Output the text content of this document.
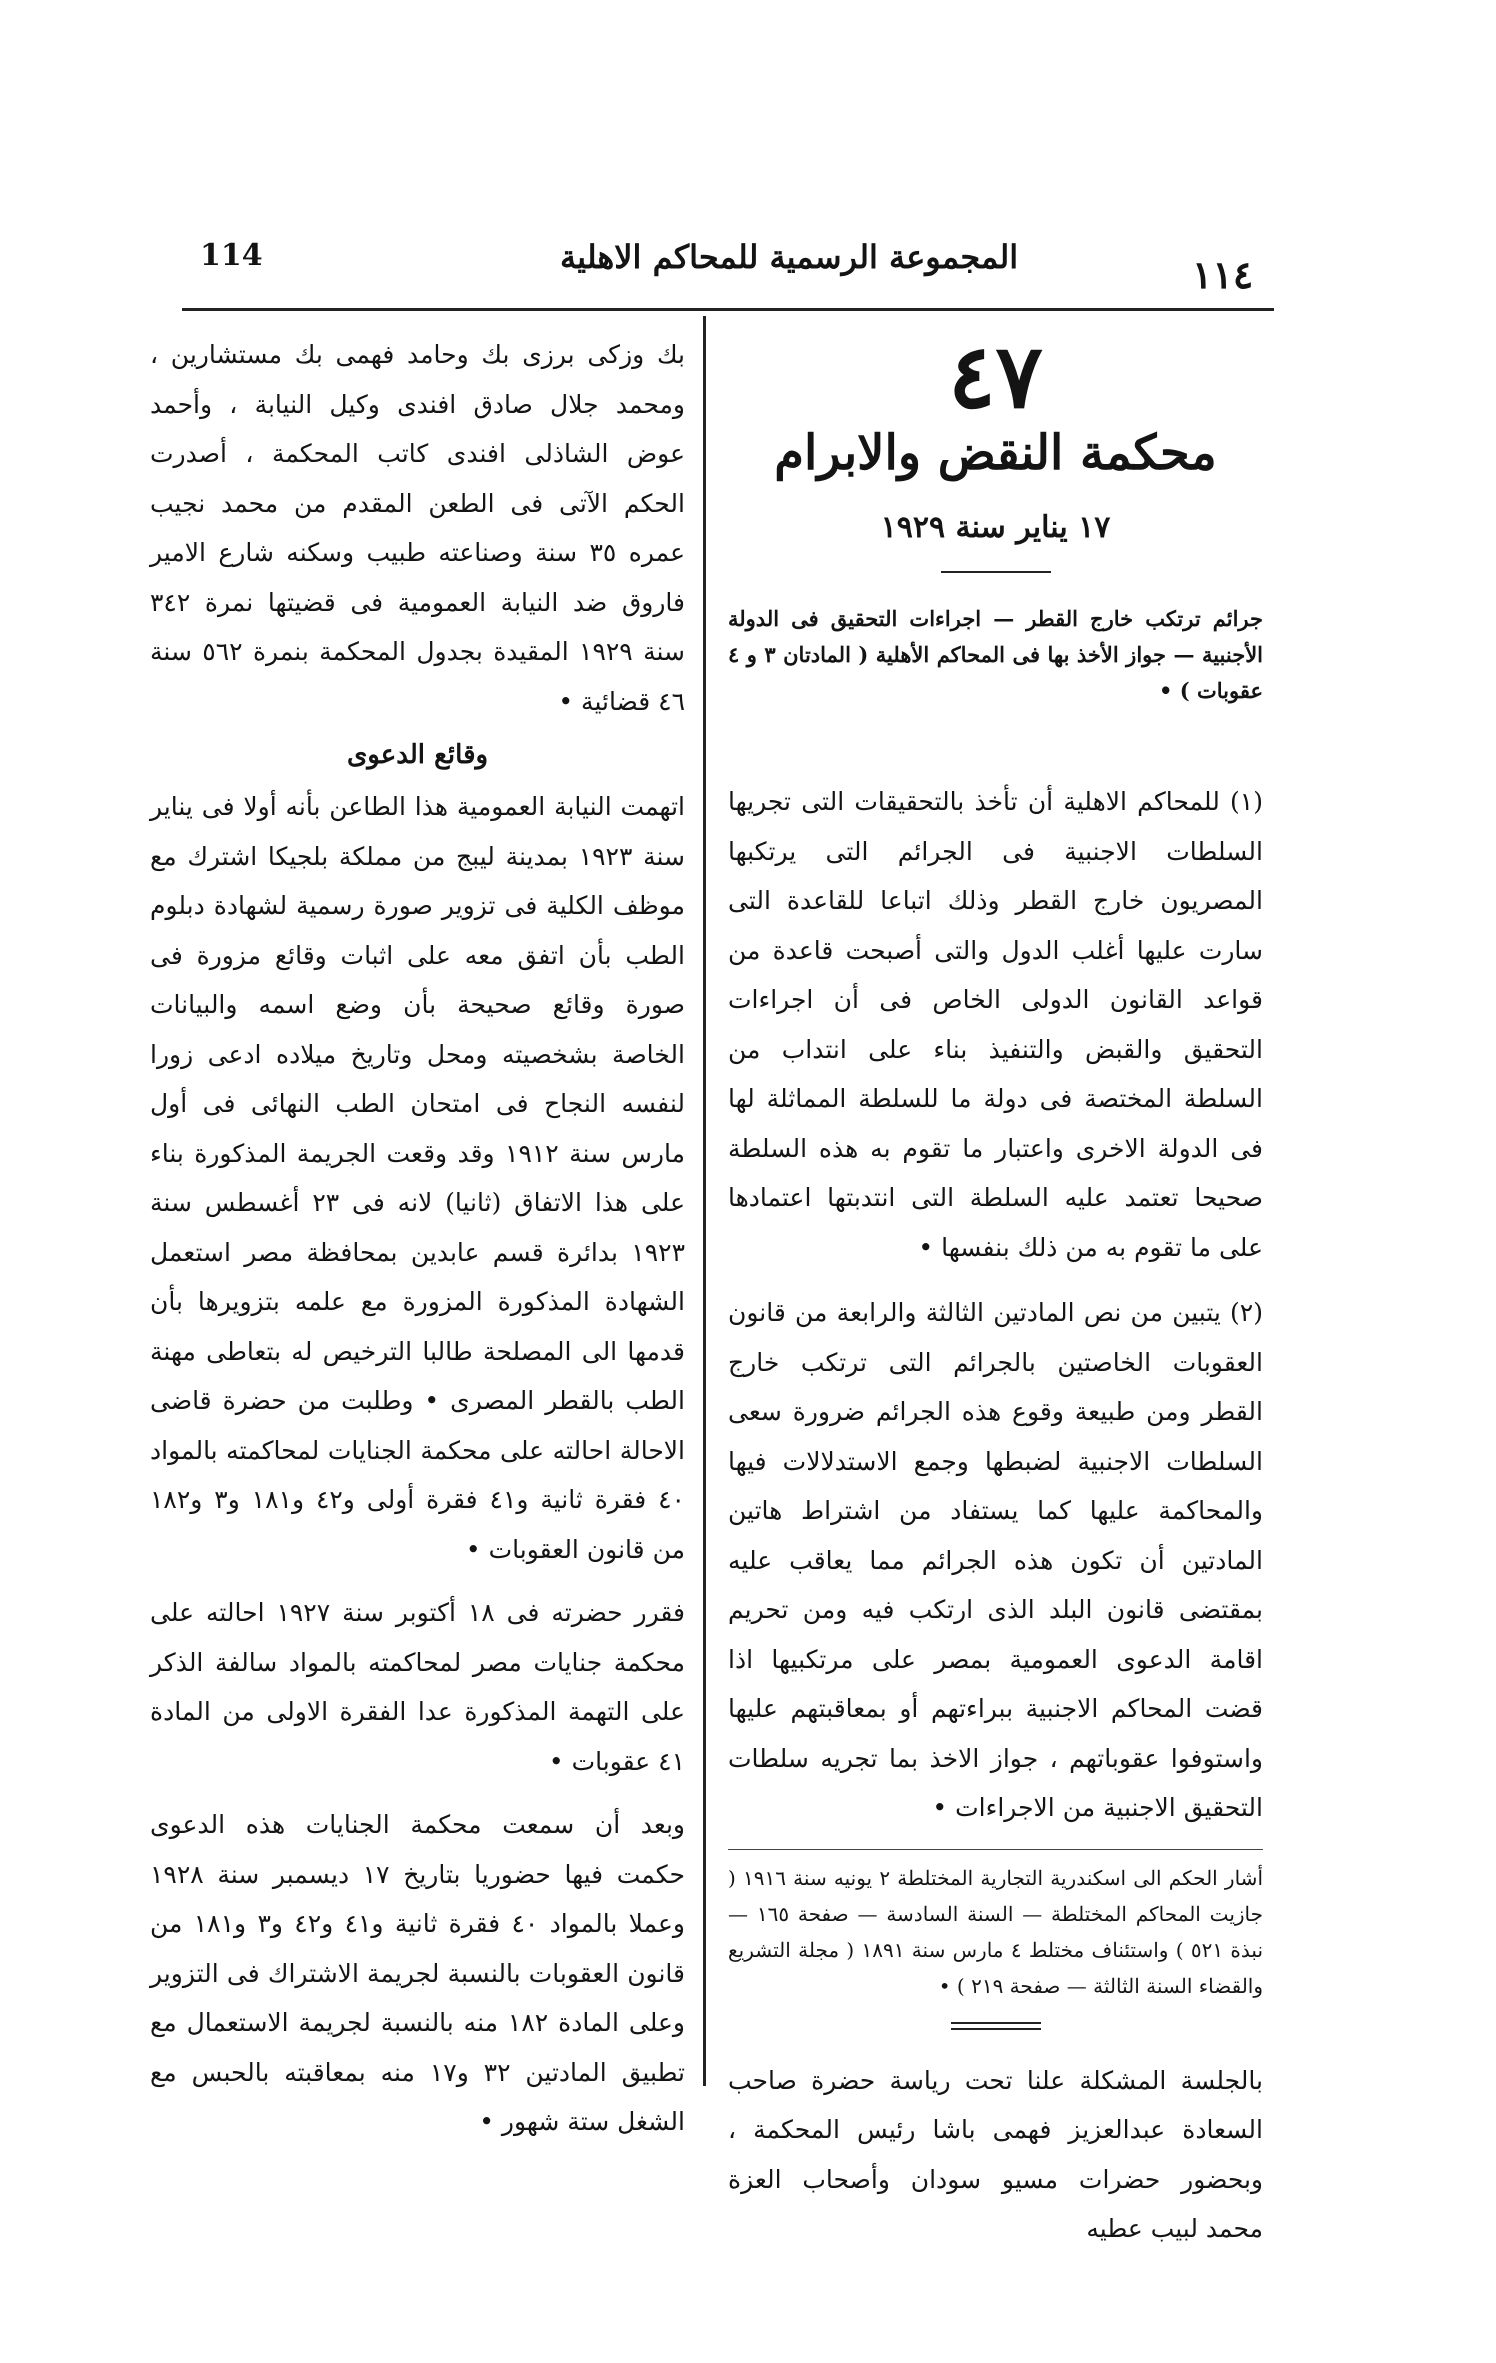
114	المجموعة الرسمية للمحاكم الاهلية	١١٤

٤٧

محكمة النقض والابرام

١٧ يناير سنة ١٩٢٩

جرائم ترتكب خارج القطر — اجراءات التحقيق فى الدولة الأجنبية — جواز الأخذ بها فى المحاكم الأهلية ( المادتان ٣ و ٤ عقوبات ) •

(١) للمحاكم الاهلية أن تأخذ بالتحقيقات التى تجريها السلطات الاجنبية فى الجرائم التى يرتكبها المصريون خارج القطر وذلك اتباعا للقاعدة التى سارت عليها أغلب الدول والتى أصبحت قاعدة من قواعد القانون الدولى الخاص فى أن اجراءات التحقيق والقبض والتنفيذ بناء على انتداب من السلطة المختصة فى دولة ما للسلطة المماثلة لها فى الدولة الاخرى واعتبار ما تقوم به هذه السلطة صحيحا تعتمد عليه السلطة التى انتدبتها اعتمادها على ما تقوم به من ذلك بنفسها •

(٢) يتبين من نص المادتين الثالثة والرابعة من قانون العقوبات الخاصتين بالجرائم التى ترتكب خارج القطر ومن طبيعة وقوع هذه الجرائم ضرورة سعى السلطات الاجنبية لضبطها وجمع الاستدلالات فيها والمحاكمة عليها كما يستفاد من اشتراط هاتين المادتين أن تكون هذه الجرائم مما يعاقب عليه بمقتضى قانون البلد الذى ارتكب فيه ومن تحريم اقامة الدعوى العمومية بمصر على مرتكبيها اذا قضت المحاكم الاجنبية ببراءتهم أو بمعاقبتهم عليها واستوفوا عقوباتهم ، جواز الاخذ بما تجريه سلطات التحقيق الاجنبية من الاجراءات •

أشار الحكم الى اسكندرية التجارية المختلطة ٢ يونيه سنة ١٩١٦ ( جازيت المحاكم المختلطة — السنة السادسة — صفحة ١٦٥ — نبذة ٥٢١ ) واستئناف مختلط ٤ مارس سنة ١٨٩١ ( مجلة التشريع والقضاء السنة الثالثة — صفحة ٢١٩ ) •

بالجلسة المشكلة علنا تحت رياسة حضرة صاحب السعادة عبدالعزيز فهمى باشا رئيس المحكمة ، وبحضور حضرات مسيو سودان وأصحاب العزة محمد لبيب عطيه

بك وزكى برزى بك وحامد فهمى بك مستشارين ، ومحمد جلال صادق افندى وكيل النيابة ، وأحمد عوض الشاذلى افندى كاتب المحكمة ، أصدرت الحكم الآتى فى الطعن المقدم من محمد نجيب عمره ٣٥ سنة وصناعته طبيب وسكنه شارع الامير فاروق ضد النيابة العمومية فى قضيتها نمرة ٣٤٢ سنة ١٩٢٩ المقيدة بجدول المحكمة بنمرة ٥٦٢ سنة ٤٦ قضائية •

وقائع الدعوى

اتهمت النيابة العمومية هذا الطاعن بأنه أولا فى يناير سنة ١٩٢٣ بمدينة ليبج من مملكة بلجيكا اشترك مع موظف الكلية فى تزوير صورة رسمية لشهادة دبلوم الطب بأن اتفق معه على اثبات وقائع مزورة فى صورة وقائع صحيحة بأن وضع اسمه والبيانات الخاصة بشخصيته ومحل وتاريخ ميلاده ادعى زورا لنفسه النجاح فى امتحان الطب النهائى فى أول مارس سنة ١٩١٢ وقد وقعت الجريمة المذكورة بناء على هذا الاتفاق (ثانيا) لانه فى ٢٣ أغسطس سنة ١٩٢٣ بدائرة قسم عابدين بمحافظة مصر استعمل الشهادة المذكورة المزورة مع علمه بتزويرها بأن قدمها الى المصلحة طالبا الترخيص له بتعاطى مهنة الطب بالقطر المصرى • وطلبت من حضرة قاضى الاحالة احالته على محكمة الجنايات لمحاكمته بالمواد ٤٠ فقرة ثانية و٤١ فقرة أولى و٤٢ و١٨١ و٣ و١٨٢ من قانون العقوبات •

فقرر حضرته فى ١٨ أكتوبر سنة ١٩٢٧ احالته على محكمة جنايات مصر لمحاكمته بالمواد سالفة الذكر على التهمة المذكورة عدا الفقرة الاولى من المادة ٤١ عقوبات •

وبعد أن سمعت محكمة الجنايات هذه الدعوى حكمت فيها حضوريا بتاريخ ١٧ ديسمبر سنة ١٩٢٨ وعملا بالمواد ٤٠ فقرة ثانية و٤١ و٤٢ و٣ و١٨١ من قانون العقوبات بالنسبة لجريمة الاشتراك فى التزوير وعلى المادة ١٨٢ منه بالنسبة لجريمة الاستعمال مع تطبيق المادتين ٣٢ و١٧ منه بمعاقبته بالحبس مع الشغل ستة شهور •
